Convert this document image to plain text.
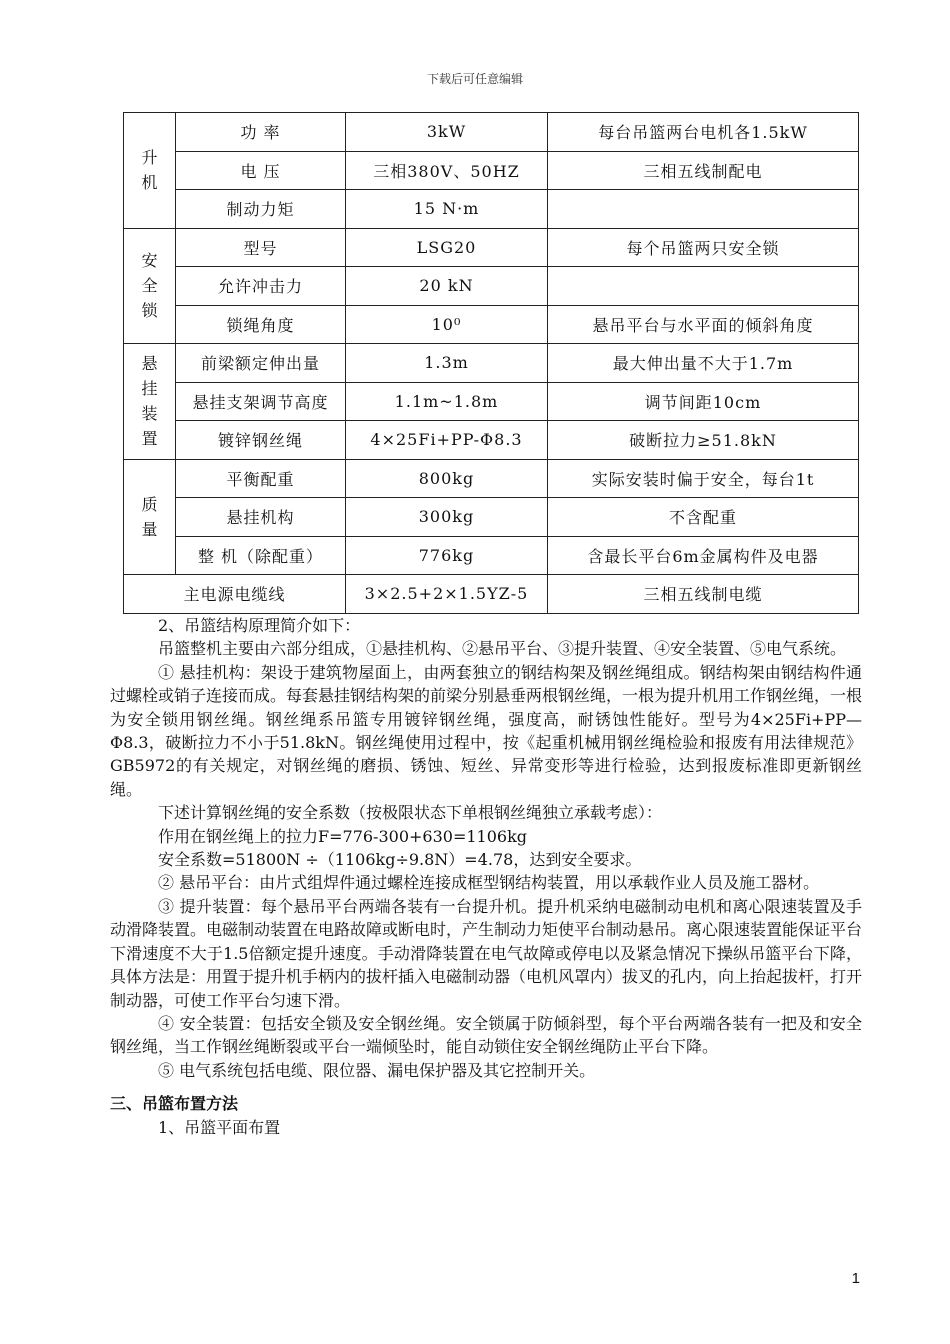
下载后可任意编辑
升机	功 率	3kW	每台吊篮两台电机各1.5kW
	电 压	三相380V、50HZ	三相五线制配电
	制动力矩	15 N·m	
安全锁	型号	LSG20	每个吊篮两只安全锁
	允许冲击力	20 kN	
	锁绳角度	10⁰	悬吊平台与水平面的倾斜角度
悬挂装置	前梁额定伸出量	1.3m	最大伸出量不大于1.7m
	悬挂支架调节高度	1.1m~1.8m	调节间距10cm
	镀锌钢丝绳	4×25Fi+PP-Φ8.3	破断拉力≥51.8kN
质量	平衡配重	800kg	实际安装时偏于安全，每台1t
	悬挂机构	300kg	不含配重
	整 机（除配重）	776kg	含最长平台6m金属构件及电器
主电源电缆线		3×2.5+2×1.5YZ-5	三相五线制电缆

2、吊篮结构原理简介如下：

吊篮整机主要由六部分组成，①悬挂机构、②悬吊平台、③提升装置、④安全装置、⑤电气系统。

① 悬挂机构：架设于建筑物屋面上，由两套独立的钢结构架及钢丝绳组成。钢结构架由钢结构件通过螺栓或销子连接而成。每套悬挂钢结构架的前梁分别悬垂两根钢丝绳，一根为提升机用工作钢丝绳，一根为安全锁用钢丝绳。钢丝绳系吊篮专用镀锌钢丝绳，强度高，耐锈蚀性能好。型号为4×25Fi+PP—Φ8.3，破断拉力不小于51.8kN。钢丝绳使用过程中，按《起重机械用钢丝绳检验和报废有用法律规范》GB5972的有关规定，对钢丝绳的磨损、锈蚀、短丝、异常变形等进行检验，达到报废标准即更新钢丝绳。

下述计算钢丝绳的安全系数（按极限状态下单根钢丝绳独立承载考虑）：

作用在钢丝绳上的拉力F=776-300+630=1106kg

安全系数=51800N ÷（1106kg÷9.8N）=4.78，达到安全要求。

② 悬吊平台：由片式组焊件通过螺栓连接成框型钢结构装置，用以承载作业人员及施工器材。

③ 提升装置：每个悬吊平台两端各装有一台提升机。提升机采纳电磁制动电机和离心限速装置及手动滑降装置。电磁制动装置在电路故障或断电时，产生制动力矩使平台制动悬吊。离心限速装置能保证平台下滑速度不大于1.5倍额定提升速度。手动滑降装置在电气故障或停电以及紧急情况下操纵吊篮平台下降，具体方法是：用置于提升机手柄内的拔杆插入电磁制动器（电机风罩内）拔叉的孔内，向上抬起拔杆，打开制动器，可使工作平台匀速下滑。

④ 安全装置：包括安全锁及安全钢丝绳。安全锁属于防倾斜型，每个平台两端各装有一把及和安全钢丝绳，当工作钢丝绳断裂或平台一端倾坠时，能自动锁住安全钢丝绳防止平台下降。

⑤ 电气系统包括电缆、限位器、漏电保护器及其它控制开关。

三、吊篮布置方法

1、吊篮平面布置

1
